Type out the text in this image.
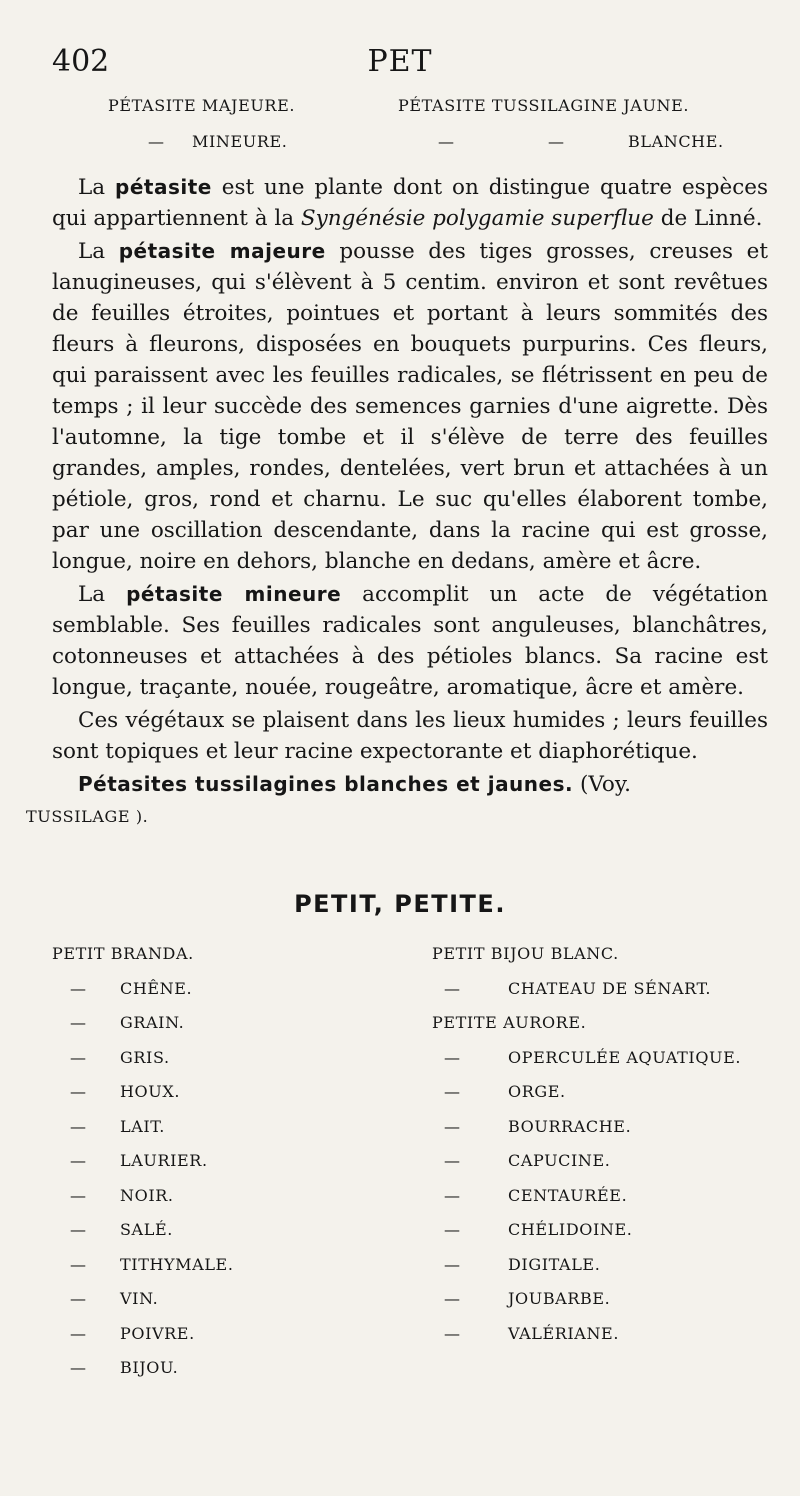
402	PET
PÉTASITE MAJEURE.
— MINEURE.
PÉTASITE TUSSILAGINE JAUNE.
—	—	BLANCHE.

La pétasite est une plante dont on distingue quatre espèces qui appartiennent à la Syngénésie polygamie superflue de Linné.

La pétasite majeure pousse des tiges grosses, creuses et lanugineuses, qui s'élèvent à 5 centim. environ et sont revêtues de feuilles étroites, pointues et portant à leurs sommités des fleurs à fleurons, disposées en bouquets purpurins. Ces fleurs, qui paraissent avec les feuilles radicales, se flétrissent en peu de temps ; il leur succède des semences garnies d'une aigrette. Dès l'automne, la tige tombe et il s'élève de terre des feuilles grandes, amples, rondes, dentelées, vert brun et attachées à un pétiole, gros, rond et charnu. Le suc qu'elles élaborent tombe, par une oscillation descendante, dans la racine qui est grosse, longue, noire en dehors, blanche en dedans, amère et âcre.

La pétasite mineure accomplit un acte de végétation semblable. Ses feuilles radicales sont anguleuses, blanchâtres, cotonneuses et attachées à des pétioles blancs. Sa racine est longue, traçante, nouée, rougeâtre, aromatique, âcre et amère.

Ces végétaux se plaisent dans les lieux humides ; leurs feuilles sont topiques et leur racine expectorante et diaphorétique.

Pétasites tussilagines blanches et jaunes. (Voy.
TUSSILAGE ).

PETIT, PETITE.
PETIT BRANDA.
— CHÊNE.
— GRAIN.
— GRIS.
— HOUX.
— LAIT.
— LAURIER.
— NOIR.
— SALÉ.
— TITHYMALE.
— VIN.
— POIVRE.
— BIJOU.
PETIT BIJOU BLANC.
—	CHATEAU DE SÉNART.
PETITE AURORE.
—	OPERCULÉE AQUATIQUE.
—	ORGE.
—	BOURRACHE.
—	CAPUCINE.
—	CENTAURÉE.
—	CHÉLIDOINE.
—	DIGITALE.
—	JOUBARBE.
—	VALÉRIANE.
